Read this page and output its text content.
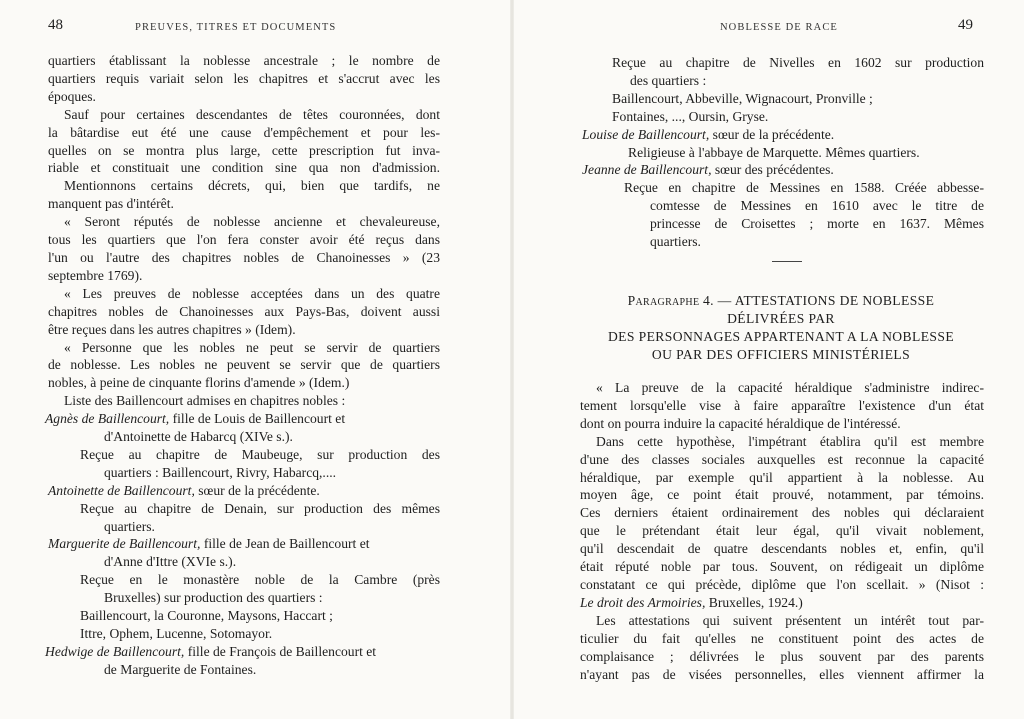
48	PREUVES, TITRES ET DOCUMENTS
quartiers établissant la noblesse ancestrale ; le nombre de
quartiers requis variait selon les chapitres et s'accrut avec les
époques.
Sauf pour certaines descendantes de têtes couronnées, dont
la bâtardise eut été une cause d'empêchement et pour les-
quelles on se montra plus large, cette prescription fut inva-
riable et constituait une condition sine qua non d'admission.
Mentionnons certains décrets, qui, bien que tardifs, ne
manquent pas d'intérêt.
« Seront réputés de noblesse ancienne et chevaleureuse,
tous les quartiers que l'on fera conster avoir été reçus dans
l'un ou l'autre des chapitres nobles de Chanoinesses » (23
septembre 1769).
« Les preuves de noblesse acceptées dans un des quatre
chapitres nobles de Chanoinesses aux Pays-Bas, doivent aussi
être reçues dans les autres chapitres » (Idem).
« Personne que les nobles ne peut se servir de quartiers
de noblesse. Les nobles ne peuvent se servir que de quartiers
nobles, à peine de cinquante florins d'amende » (Idem.)
Liste des Baillencourt admises en chapitres nobles :
Agnès de Baillencourt, fille de Louis de Baillencourt et
d'Antoinette de Habarcq (XIVe s.).
Reçue au chapitre de Maubeuge, sur production des
quartiers : Baillencourt, Rivry, Habarcq,....
Antoinette de Baillencourt, sœur de la précédente.
Reçue au chapitre de Denain, sur production des mêmes
quartiers.
Marguerite de Baillencourt, fille de Jean de Baillencourt et
d'Anne d'Ittre (XVIe s.).
Reçue en le monastère noble de la Cambre (près
Bruxelles) sur production des quartiers :
Baillencourt, la Couronne, Maysons, Haccart ;
Ittre, Ophem, Lucenne, Sotomayor.
Hedwige de Baillencourt, fille de François de Baillencourt et
de Marguerite de Fontaines.
NOBLESSE DE RACE	49
Reçue au chapitre de Nivelles en 1602 sur production
des quartiers :
Baillencourt, Abbeville, Wignacourt, Pronville ;
Fontaines, ..., Oursin, Gryse.
Louise de Baillencourt, sœur de la précédente.
Religieuse à l'abbaye de Marquette. Mêmes quartiers.
Jeanne de Baillencourt, sœur des précédentes.
Reçue en chapitre de Messines en 1588. Créée abbesse-
comtesse de Messines en 1610 avec le titre de
princesse de Croisettes ; morte en 1637. Mêmes
quartiers.
Paragraphe 4. — ATTESTATIONS DE NOBLESSE
DÉLIVRÉES PAR
DES PERSONNAGES APPARTENANT A LA NOBLESSE
OU PAR DES OFFICIERS MINISTÉRIELS
« La preuve de la capacité héraldique s'administre indirec-
tement lorsqu'elle vise à faire apparaître l'existence d'un état
dont on pourra induire la capacité héraldique de l'intéressé.
Dans cette hypothèse, l'impétrant établira qu'il est membre
d'une des classes sociales auxquelles est reconnue la capacité
héraldique, par exemple qu'il appartient à la noblesse. Au
moyen âge, ce point était prouvé, notamment, par témoins.
Ces derniers étaient ordinairement des nobles qui déclaraient
que le prétendant était leur égal, qu'il vivait noblement,
qu'il descendait de quatre descendants nobles et, enfin, qu'il
était réputé noble par tous. Souvent, on rédigeait un diplôme
constatant ce qui précède, diplôme que l'on scellait. » (Nisot :
Le droit des Armoiries, Bruxelles, 1924.)
Les attestations qui suivent présentent un intérêt tout par-
ticulier du fait qu'elles ne constituent point des actes de
complaisance ; délivrées le plus souvent par des parents
n'ayant pas de visées personnelles, elles viennent affirmer la
